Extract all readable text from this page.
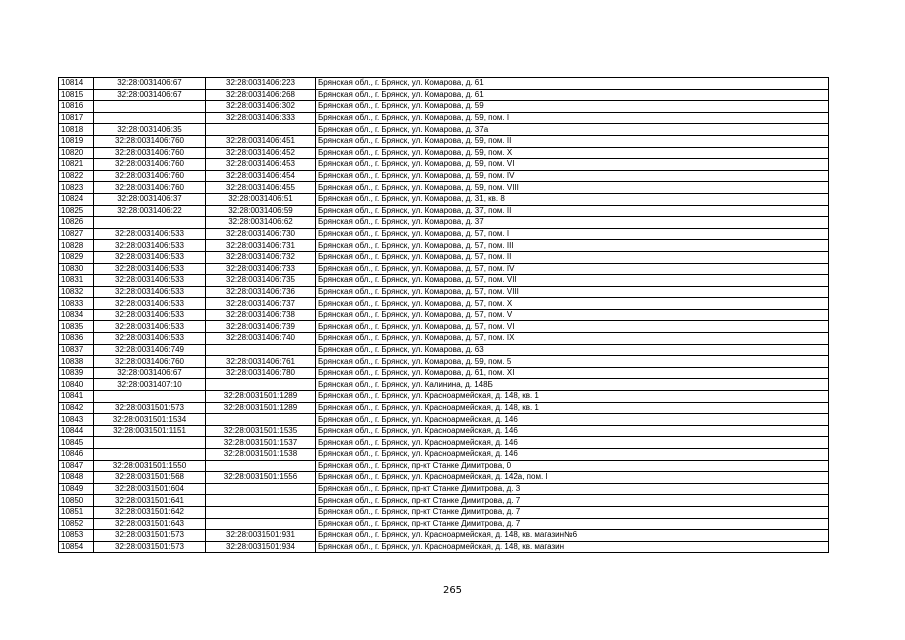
10814	32:28:0031406:67	32:28:0031406:223	Брянская обл., г. Брянск, ул. Комарова, д. 61
10815	32:28:0031406:67	32:28:0031406:268	Брянская обл., г. Брянск, ул. Комарова, д. 61
10816		32:28:0031406:302	Брянская обл., г. Брянск, ул. Комарова, д. 59
10817		32:28:0031406:333	Брянская обл., г. Брянск, ул. Комарова, д. 59, пом. I
10818	32:28:0031406:35		Брянская обл., г. Брянск, ул. Комарова, д. 37а
10819	32:28:0031406:760	32:28:0031406:451	Брянская обл., г. Брянск, ул. Комарова, д. 59, пом. II
10820	32:28:0031406:760	32:28:0031406:452	Брянская обл., г. Брянск, ул. Комарова, д. 59, пом. X
10821	32:28:0031406:760	32:28:0031406:453	Брянская обл., г. Брянск, ул. Комарова, д. 59, пом. VI
10822	32:28:0031406:760	32:28:0031406:454	Брянская обл., г. Брянск, ул. Комарова, д. 59, пом. IV
10823	32:28:0031406:760	32:28:0031406:455	Брянская обл., г. Брянск, ул. Комарова, д. 59, пом. VIII
10824	32:28:0031406:37	32:28:0031406:51	Брянская обл., г. Брянск, ул. Комарова, д. 31, кв. 8
10825	32:28:0031406:22	32:28:0031406:59	Брянская обл., г. Брянск, ул. Комарова, д. 37, пом. II
10826		32:28:0031406:62	Брянская обл., г. Брянск, ул. Комарова, д. 37
10827	32:28:0031406:533	32:28:0031406:730	Брянская обл., г. Брянск, ул. Комарова, д. 57, пом. I
10828	32:28:0031406:533	32:28:0031406:731	Брянская обл., г. Брянск, ул. Комарова, д. 57, пом. III
10829	32:28:0031406:533	32:28:0031406:732	Брянская обл., г. Брянск, ул. Комарова, д. 57, пом. II
10830	32:28:0031406:533	32:28:0031406:733	Брянская обл., г. Брянск, ул. Комарова, д. 57, пом. IV
10831	32:28:0031406:533	32:28:0031406:735	Брянская обл., г. Брянск, ул. Комарова, д. 57, пом. VII
10832	32:28:0031406:533	32:28:0031406:736	Брянская обл., г. Брянск, ул. Комарова, д. 57, пом. VIII
10833	32:28:0031406:533	32:28:0031406:737	Брянская обл., г. Брянск, ул. Комарова, д. 57, пом. X
10834	32:28:0031406:533	32:28:0031406:738	Брянская обл., г. Брянск, ул. Комарова, д. 57, пом. V
10835	32:28:0031406:533	32:28:0031406:739	Брянская обл., г. Брянск, ул. Комарова, д. 57, пом. VI
10836	32:28:0031406:533	32:28:0031406:740	Брянская обл., г. Брянск, ул. Комарова, д. 57, пом. IX
10837	32:28:0031406:749		Брянская обл., г. Брянск, ул. Комарова, д. 63
10838	32:28:0031406:760	32:28:0031406:761	Брянская обл., г. Брянск, ул. Комарова, д. 59, пом. 5
10839	32:28:0031406:67	32:28:0031406:780	Брянская обл., г. Брянск, ул. Комарова, д. 61, пом. XI
10840	32:28:0031407:10		Брянская обл., г. Брянск, ул. Калинина, д. 148Б
10841		32:28:0031501:1289	Брянская обл., г. Брянск, ул. Красноармейская, д. 148, кв. 1
10842	32:28:0031501:573	32:28:0031501:1289	Брянская обл., г. Брянск, ул. Красноармейская, д. 148, кв. 1
10843	32:28:0031501:1534		Брянская обл., г. Брянск, ул. Красноармейская, д. 146
10844	32:28:0031501:1151	32:28:0031501:1535	Брянская обл., г. Брянск, ул. Красноармейская, д. 146
10845		32:28:0031501:1537	Брянская обл., г. Брянск, ул. Красноармейская, д. 146
10846		32:28:0031501:1538	Брянская обл., г. Брянск, ул. Красноармейская, д. 146
10847	32:28:0031501:1550		Брянская обл., г. Брянск, пр-кт Станке Димитрова, 0
10848	32:28:0031501:568	32:28:0031501:1556	Брянская обл., г. Брянск, ул. Красноармейская, д. 142а, пом. I
10849	32:28:0031501:604		Брянская обл., г. Брянск, пр-кт Станке Димитрова, д. 3
10850	32:28:0031501:641		Брянская обл., г. Брянск, пр-кт Станке Димитрова, д. 7
10851	32:28:0031501:642		Брянская обл., г. Брянск, пр-кт Станке Димитрова, д. 7
10852	32:28:0031501:643		Брянская обл., г. Брянск, пр-кт Станке Димитрова, д. 7
10853	32:28:0031501:573	32:28:0031501:931	Брянская обл., г. Брянск, ул. Красноармейская, д. 148, кв. магазин№6
10854	32:28:0031501:573	32:28:0031501:934	Брянская обл., г. Брянск, ул. Красноармейская, д. 148, кв. магазин
265
